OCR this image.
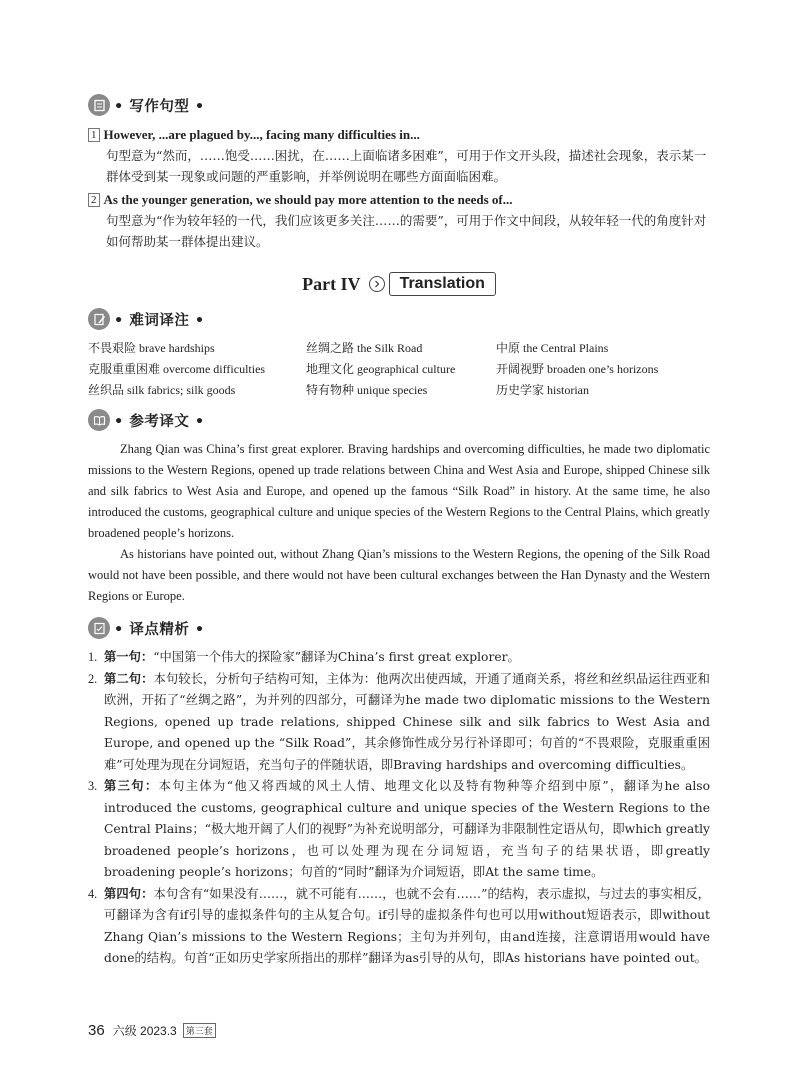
• 写作句型 •
1 However, ...are plagued by..., facing many difficulties in...
句型意为“然而，……饱受……困扰，在……上面临诸多困难”，可用于作文开头段，描述社会现象，表示某一群体受到某一现象或问题的严重影响，并举例说明在哪些方面面临困难。
2 As the younger generation, we should pay more attention to the needs of...
句型意为“作为较年轻的一代，我们应该更多关注……的需要”，可用于作文中间段，从较年轻一代的角度针对如何帮助某一群体提出建议。
Part IV	Translation
• 难词译注 •
不畏艰险 brave hardships	丝绸之路 the Silk Road	中原 the Central Plains
克服重重困难 overcome difficulties	地理文化 geographical culture	开阔视野 broaden one’s horizons
丝织品 silk fabrics; silk goods	特有物种 unique species	历史学家 historian
• 参考译文 •

Zhang Qian was China’s first great explorer. Braving hardships and overcoming difficulties, he made two diplomatic missions to the Western Regions, opened up trade relations between China and West Asia and Europe, shipped Chinese silk and silk fabrics to West Asia and Europe, and opened up the famous “Silk Road” in history. At the same time, he also introduced the customs, geographical culture and unique species of the Western Regions to the Central Plains, which greatly broadened people’s horizons.

As historians have pointed out, without Zhang Qian’s missions to the Western Regions, the opening of the Silk Road would not have been possible, and there would not have been cultural exchanges between the Han Dynasty and the Western Regions or Europe.

• 译点精析 •
1. 第一句：“中国第一个伟大的探险家”翻译为China’s first great explorer。
2. 第二句：本句较长，分析句子结构可知，主体为：他两次出使西域，开通了通商关系，将丝和丝织品运往西亚和欧洲，开拓了“丝绸之路”，为并列的四部分，可翻译为he made two diplomatic missions to the Western Regions, opened up trade relations, shipped Chinese silk and silk fabrics to West Asia and Europe, and opened up the “Silk Road”，其余修饰性成分另行补译即可；句首的“不畏艰险，克服重重困难”可处理为现在分词短语，充当句子的伴随状语，即Braving hardships and overcoming difficulties。
3. 第三句：本句主体为“他又将西域的风土人情、地理文化以及特有物种等介绍到中原”，翻译为he also introduced the customs, geographical culture and unique species of the Western Regions to the Central Plains；“极大地开阔了人们的视野”为补充说明部分，可翻译为非限制性定语从句，即which greatly broadened people’s horizons，也可以处理为现在分词短语，充当句子的结果状语，即greatly broadening people’s horizons；句首的“同时”翻译为介词短语，即At the same time。
4. 第四句：本句含有“如果没有……，就不可能有……，也就不会有……”的结构，表示虚拟，与过去的事实相反，可翻译为含有if引导的虚拟条件句的主从复合句。if引导的虚拟条件句也可以用without短语表示，即without Zhang Qian’s missions to the Western Regions；主句为并列句，由and连接，注意谓语用would have done的结构。句首“正如历史学家所指出的那样”翻译为as引导的从句，即As historians have pointed out。
36 六级 2023.3	第三套
